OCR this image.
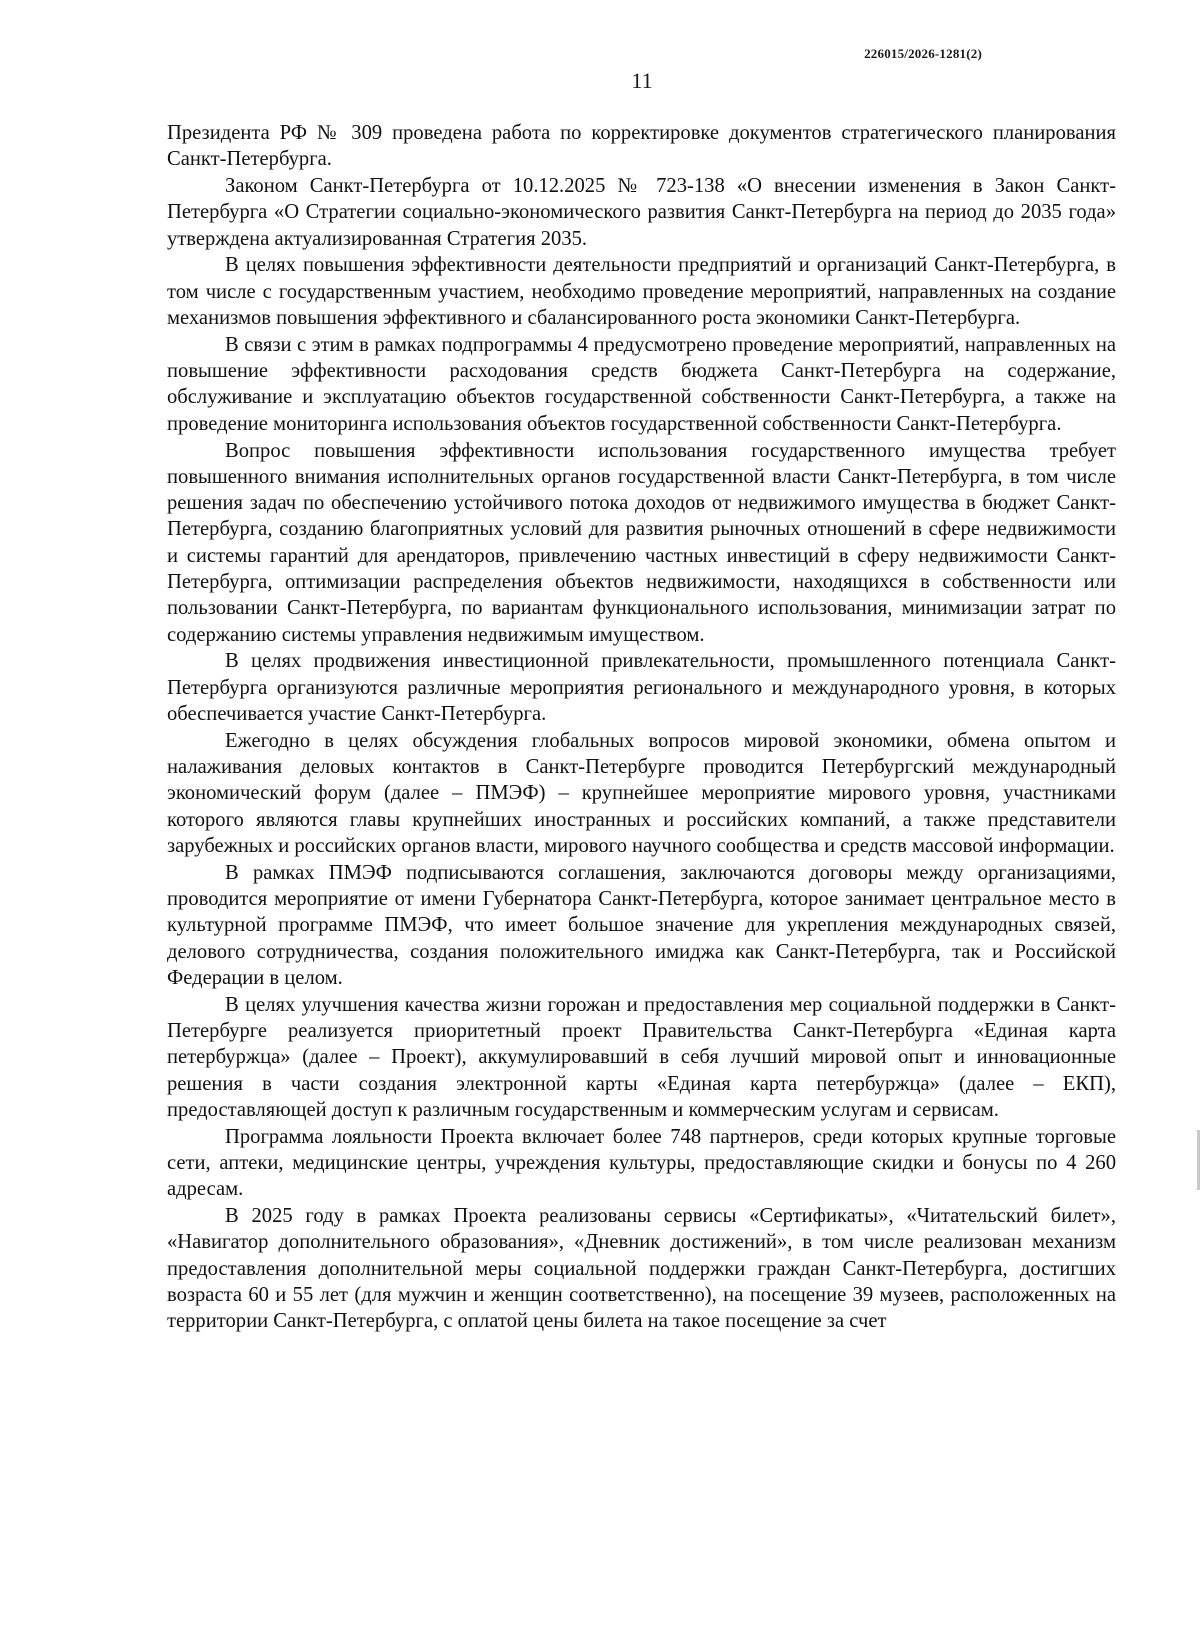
226015/2026-1281(2)
11

Президента РФ № 309 проведена работа по корректировке документов стратегического планирования Санкт-Петербурга.

Законом Санкт-Петербурга от 10.12.2025 № 723-138 «О внесении изменения в Закон Санкт-Петербурга «О Стратегии социально-экономического развития Санкт-Петербурга на период до 2035 года» утверждена актуализированная Стратегия 2035.

В целях повышения эффективности деятельности предприятий и организаций Санкт-Петербурга, в том числе с государственным участием, необходимо проведение мероприятий, направленных на создание механизмов повышения эффективного и сбалансированного роста экономики Санкт-Петербурга.

В связи с этим в рамках подпрограммы 4 предусмотрено проведение мероприятий, направленных на повышение эффективности расходования средств бюджета Санкт-Петербурга на содержание, обслуживание и эксплуатацию объектов государственной собственности Санкт-Петербурга, а также на проведение мониторинга использования объектов государственной собственности Санкт-Петербурга.

Вопрос повышения эффективности использования государственного имущества требует повышенного внимания исполнительных органов государственной власти Санкт-Петербурга, в том числе решения задач по обеспечению устойчивого потока доходов от недвижимого имущества в бюджет Санкт-Петербурга, созданию благоприятных условий для развития рыночных отношений в сфере недвижимости и системы гарантий для арендаторов, привлечению частных инвестиций в сферу недвижимости Санкт-Петербурга, оптимизации распределения объектов недвижимости, находящихся в собственности или пользовании Санкт-Петербурга, по вариантам функционального использования, минимизации затрат по содержанию системы управления недвижимым имуществом.

В целях продвижения инвестиционной привлекательности, промышленного потенциала Санкт-Петербурга организуются различные мероприятия регионального и международного уровня, в которых обеспечивается участие Санкт-Петербурга.

Ежегодно в целях обсуждения глобальных вопросов мировой экономики, обмена опытом и налаживания деловых контактов в Санкт-Петербурге проводится Петербургский международный экономический форум (далее – ПМЭФ) – крупнейшее мероприятие мирового уровня, участниками которого являются главы крупнейших иностранных и российских компаний, а также представители зарубежных и российских органов власти, мирового научного сообщества и средств массовой информации.

В рамках ПМЭФ подписываются соглашения, заключаются договоры между организациями, проводится мероприятие от имени Губернатора Санкт-Петербурга, которое занимает центральное место в культурной программе ПМЭФ, что имеет большое значение для укрепления международных связей, делового сотрудничества, создания положительного имиджа как Санкт-Петербурга, так и Российской Федерации в целом.

В целях улучшения качества жизни горожан и предоставления мер социальной поддержки в Санкт-Петербурге реализуется приоритетный проект Правительства Санкт-Петербурга «Единая карта петербуржца» (далее – Проект), аккумулировавший в себя лучший мировой опыт и инновационные решения в части создания электронной карты «Единая карта петербуржца» (далее – ЕКП), предоставляющей доступ к различным государственным и коммерческим услугам и сервисам.

Программа лояльности Проекта включает более 748 партнеров, среди которых крупные торговые сети, аптеки, медицинские центры, учреждения культуры, предоставляющие скидки и бонусы по 4 260 адресам.

В 2025 году в рамках Проекта реализованы сервисы «Сертификаты», «Читательский билет», «Навигатор дополнительного образования», «Дневник достижений», в том числе реализован механизм предоставления дополнительной меры социальной поддержки граждан Санкт-Петербурга, достигших возраста 60 и 55 лет (для мужчин и женщин соответственно), на посещение 39 музеев, расположенных на территории Санкт-Петербурга, с оплатой цены билета на такое посещение за счет
